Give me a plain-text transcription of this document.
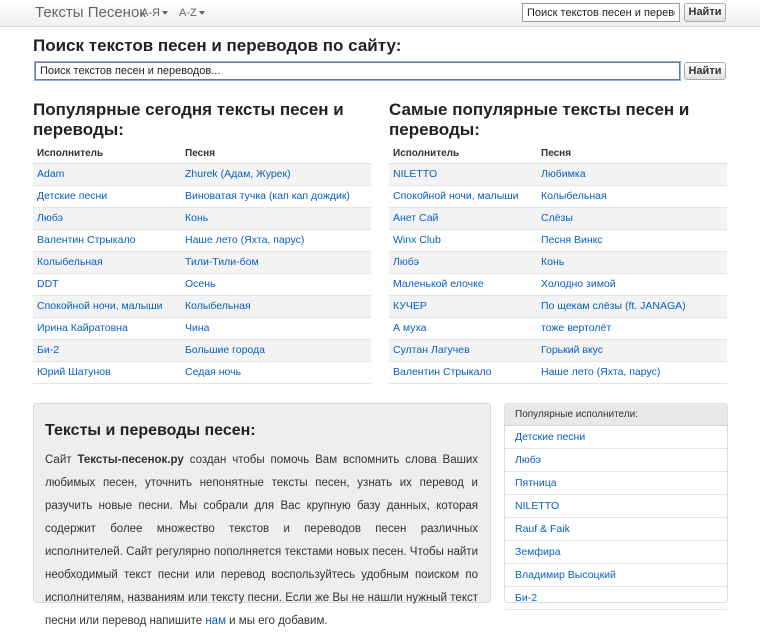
Тексты Песенок
А-Я	A-Z
Поиск текстов песен и переводов...	Найти
Поиск текстов песен и переводов по сайту:
Поиск текстов песен и переводов...
Найти
Популярные сегодня тексты песен и переводы:
Исполнитель	Песня
Adam	Zhurek (Адам, Журек)
Детские песни	Виноватая тучка (кап кап дождик)
Любэ	Конь
Валентин Стрыкало	Наше лето (Яхта, парус)
Колыбельная	Тили-Тили-бом
DDT	Осень
Спокойной ночи, малыши	Колыбельная
Ирина Кайратовна	Чина
Би-2	Большие города
Юрий Шатунов	Седая ночь
Самые популярные тексты песен и переводы:
Исполнитель	Песня
NILETTO	Любимка
Спокойной ночи, малыши	Колыбельная
Анет Сай	Слёзы
Winx Club	Песня Винкс
Любэ	Конь
Маленькой елочке	Холодно зимой
КУЧЕР	По щекам слёзы (ft. JANAGA)
А муха	тоже вертолёт
Султан Лагучев	Горький вкус
Валентин Стрыкало	Наше лето (Яхта, парус)
Тексты и переводы песен:

Сайт Тексты-песенок.ру создан чтобы помочь Вам вспомнить слова Ваших любимых песен, уточнить непонятные тексты песен, узнать их перевод и разучить новые песни. Мы собрали для Вас крупную базу данных, которая содержит более множество текстов и переводов песен различных исполнителей. Сайт регулярно пополняется текстами новых песен. Чтобы найти необходимый текст песни или перевод воспользуйтесь удобным поиском по исполнителям, названиям или тексту песни. Если же Вы не нашли нужный текст песни или перевод напишите нам и мы его добавим.

Популярные исполнители:
Детские песни
Любэ
Пятница
NILETTO
Rauf & Faik
Земфира
Владимир Высоцкий
Би-2
